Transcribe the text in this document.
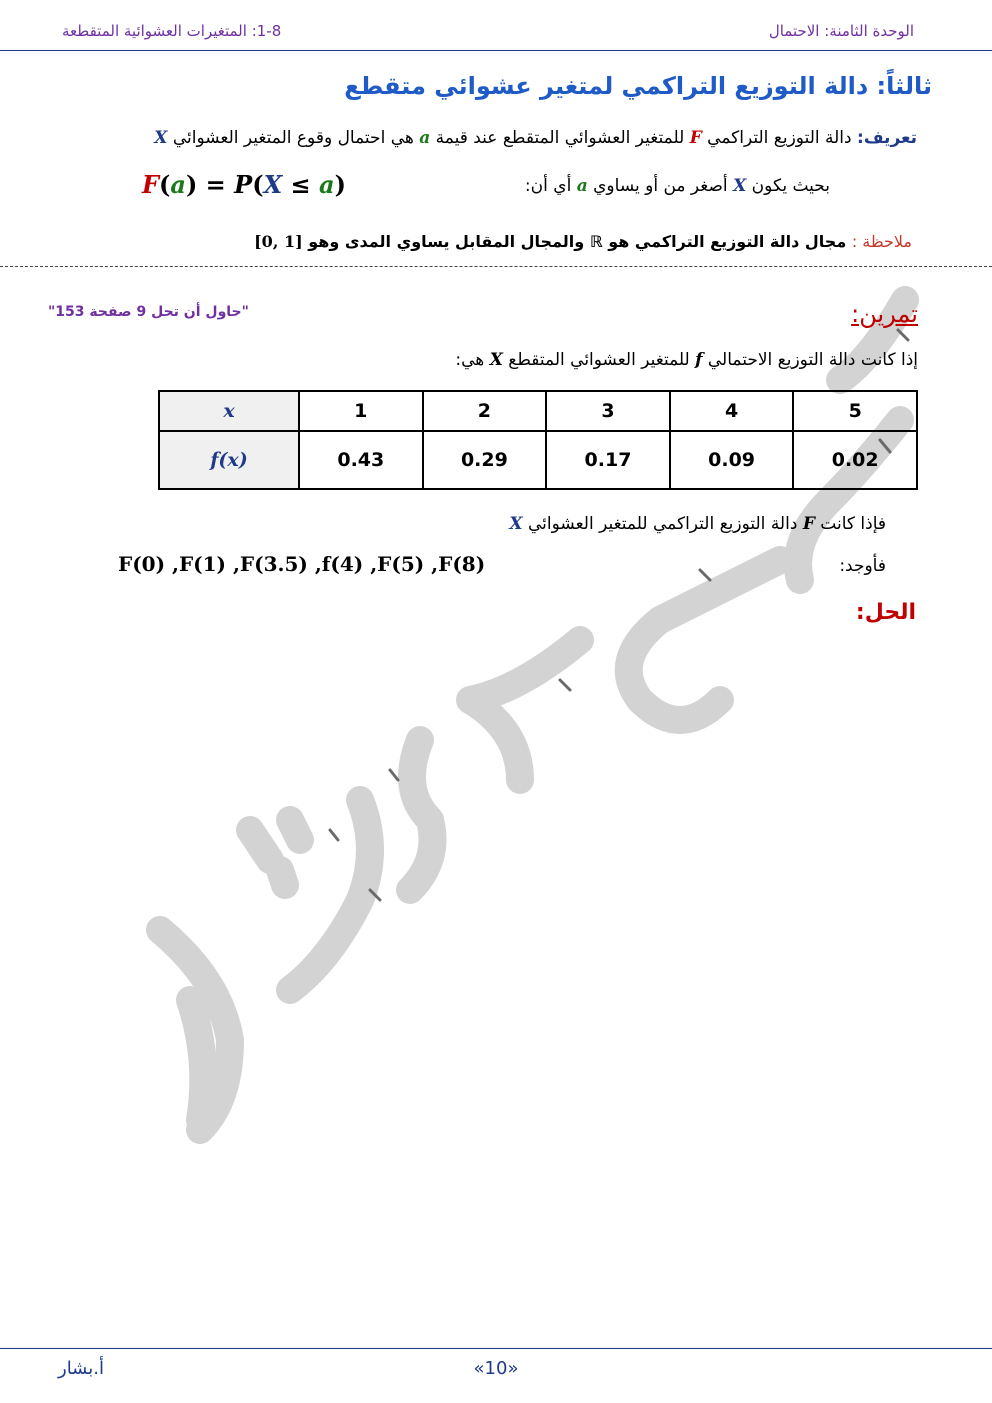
1-8: المتغيرات العشوائية المتقطعة	الوحدة الثامنة: الاحتمال
ثالثاً: دالة التوزيع التراكمي لمتغير عشوائي متقطع
تعريف: دالة التوزيع التراكمي F للمتغير العشوائي المتقطع عند قيمة a هي احتمال وقوع المتغير العشوائي X
بحيث يكون X أصغر من أو يساوي a أي أن:
F(a) = P(X ≤ a)
ملاحظة : مجال دالة التوزيع التراكمي هو ℝ والمجال المقابل يساوي المدى وهو [0, 1]
تمرين:
"حاول أن تحل 9 صفحة 153"
إذا كانت دالة التوزيع الاحتمالي f للمتغير العشوائي المتقطع X هي:
x	1	2	3	4	5
f(x)	0.43	0.29	0.17	0.09	0.02
فإذا كانت F دالة التوزيع التراكمي للمتغير العشوائي X
فأوجد:
F(0) ,F(1) ,F(3.5) ,f(4) ,F(5) ,F(8)
الحل:
أ.بشار	«10»
